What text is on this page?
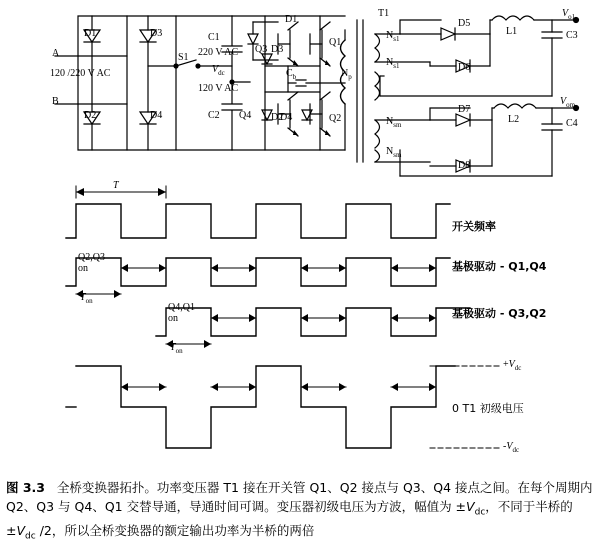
A
B
120 /220 V AC
D1
D2
D3
D4
S1
C1
220 V AC
120 V AC
C2
$V_{dc}$	$C_b$
D1
D3
D2
D4
Q1
Q2
Q3
Q4
T1
$N_p$
$N_{s1}$
$N_{s1}$
$N_{sm}$
$N_{sm}$
D5
D6
L1	C3
$V_{o1}$
D7
D8
L2	C4
$V_{om}$
T
开关频率
Q2,Q3
on
$T_{on}$
基极驱动 - Q1,Q4
Q4,Q1
on
$T_{on}$
基极驱动 - Q3,Q2
$+V_{dc}$
$-V_{dc}$
0 T1 初级电压
图 3.3   全桥变换器拓扑。功率变压器 T1 接在开关管 Q1、Q2 接点与 Q3、Q4 接点之间。在每个周期内 Q2、Q3 与 Q4、Q1 交替导通，导通时间可调。变压器初级电压为方波，幅值为 $\pm V_{dc}$，不同于半桥的$\pm V_{dc}$ /2，所以全桥变换器的额定输出功率为半桥的两倍
